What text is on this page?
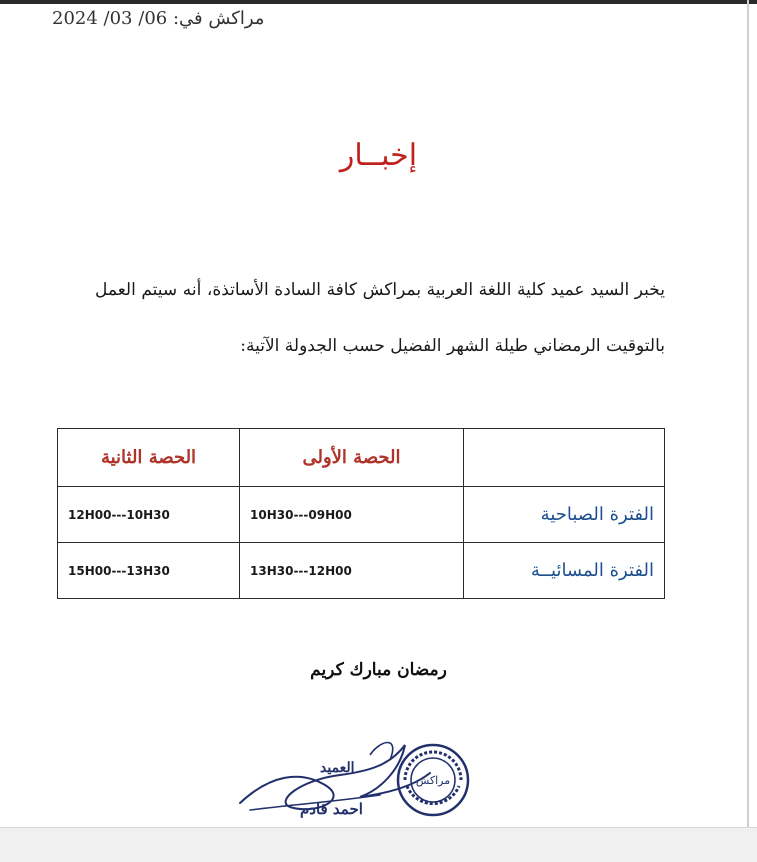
مراكش في: 06/ 03/ 2024
إخبــار
يخبر السيد عميد كلية اللغة العربية بمراكش كافة السادة الأساتذة، أنه سيتم العمل بالتوقيت الرمضاني طيلة الشهر الفضيل حسب الجدولة الآتية:
	الحصة الأولى	الحصة الثانية
الفترة الصباحية	10H30---09H00	12H00---10H30
الفترة المسائيــة	13H30---12H00	15H00---13H30
رمضان مبارك كريم
العميد
احمد قادم
مراكش
